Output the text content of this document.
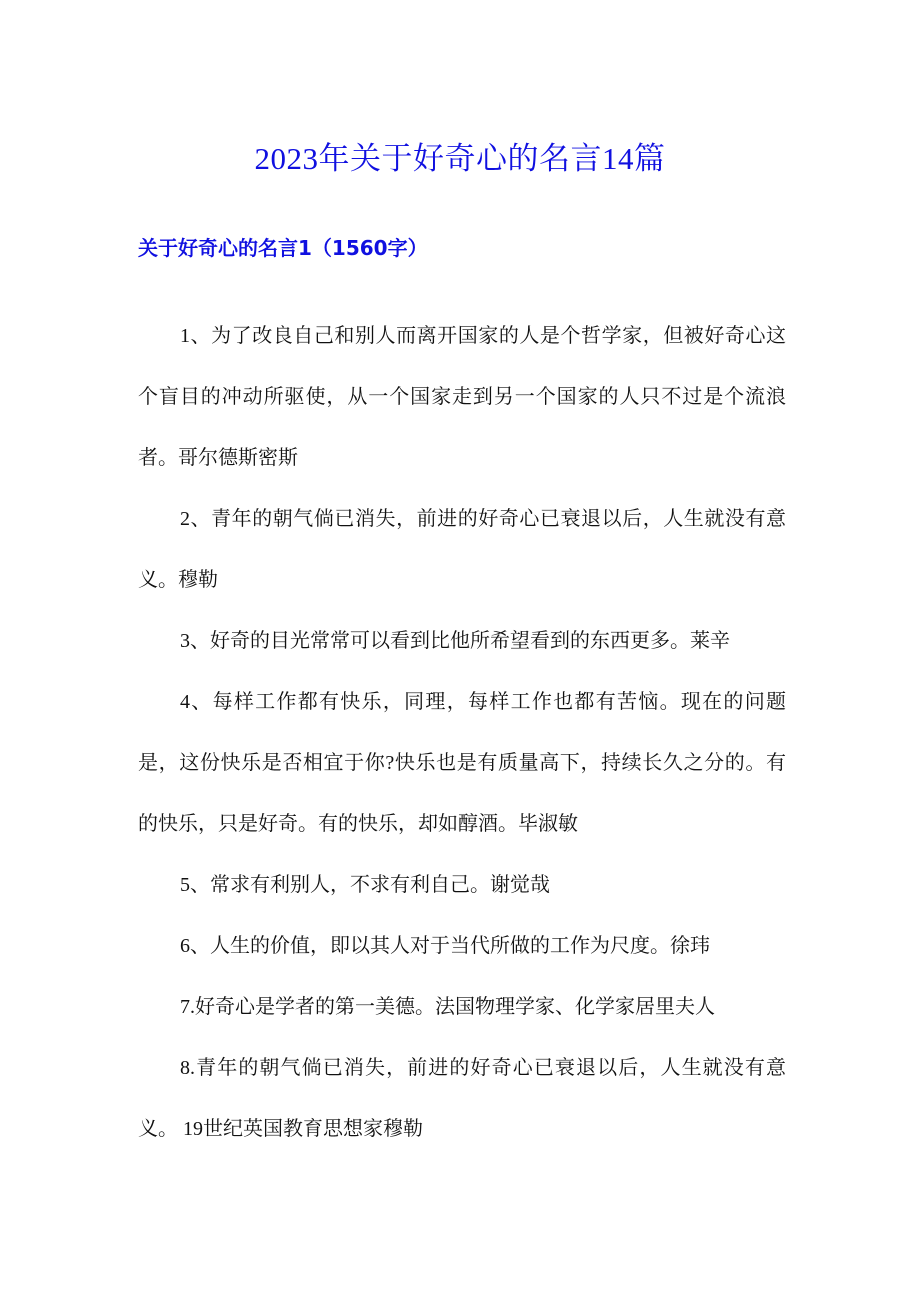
2023年关于好奇心的名言14篇
关于好奇心的名言1（1560字）

1、为了改良自己和别人而离开国家的人是个哲学家，但被好奇心这个盲目的冲动所驱使，从一个国家走到另一个国家的人只不过是个流浪者。哥尔德斯密斯

2、青年的朝气倘已消失，前进的好奇心已衰退以后，人生就没有意义。穆勒

3、好奇的目光常常可以看到比他所希望看到的东西更多。莱辛

4、每样工作都有快乐，同理，每样工作也都有苦恼。现在的问题是，这份快乐是否相宜于你?快乐也是有质量高下，持续长久之分的。有的快乐，只是好奇。有的快乐，却如醇酒。毕淑敏

5、常求有利别人，不求有利自己。谢觉哉

6、人生的价值，即以其人对于当代所做的工作为尺度。徐玮

7.好奇心是学者的第一美德。法国物理学家、化学家居里夫人

8.青年的朝气倘已消失，前进的好奇心已衰退以后，人生就没有意义。 19世纪英国教育思想家穆勒
